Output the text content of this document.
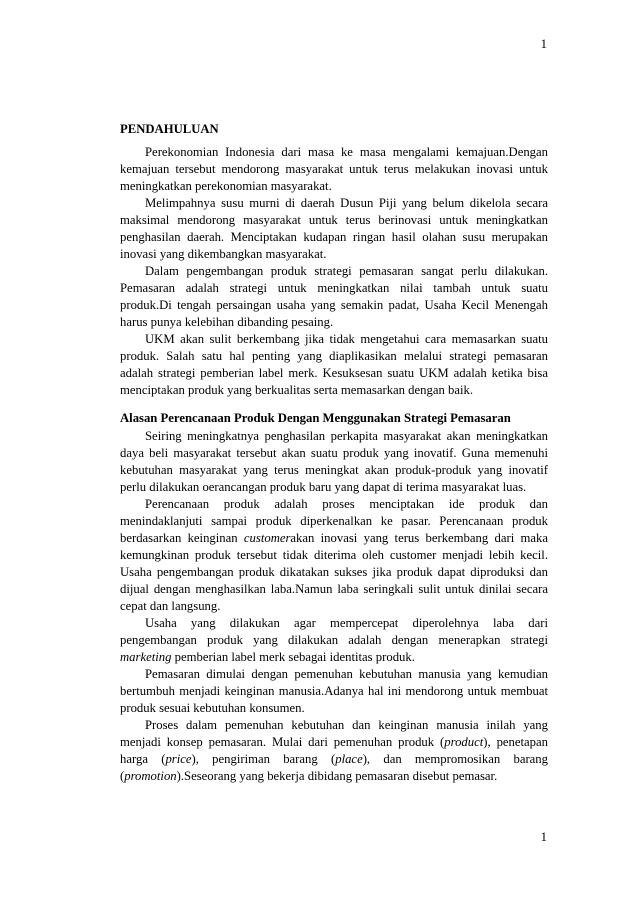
1
PENDAHULUAN
Perekonomian Indonesia dari masa ke masa mengalami kemajuan.Dengan
kemajuan tersebut mendorong masyarakat untuk terus melakukan inovasi untuk
meningkatkan perekonomian masyarakat.
Melimpahnya susu murni di daerah Dusun Piji yang belum dikelola secara
maksimal mendorong masyarakat untuk terus berinovasi untuk meningkatkan
penghasilan daerah. Menciptakan kudapan ringan hasil olahan susu merupakan
inovasi yang dikembangkan masyarakat.
Dalam pengembangan produk strategi pemasaran sangat perlu dilakukan.
Pemasaran adalah strategi untuk meningkatkan nilai tambah untuk suatu
produk.Di tengah persaingan usaha yang semakin padat, Usaha Kecil Menengah
harus punya kelebihan dibanding pesaing.
UKM akan sulit berkembang jika tidak mengetahui cara memasarkan suatu
produk. Salah satu hal penting yang diaplikasikan melalui strategi pemasaran
adalah strategi pemberian label merk. Kesuksesan suatu UKM adalah ketika bisa
menciptakan produk yang berkualitas serta memasarkan dengan baik.
Alasan Perencanaan Produk Dengan Menggunakan Strategi Pemasaran
Seiring meningkatnya penghasilan perkapita masyarakat akan meningkatkan
daya beli masyarakat tersebut akan suatu produk yang inovatif. Guna memenuhi
kebutuhan masyarakat yang terus meningkat akan produk-produk yang inovatif
perlu dilakukan oerancangan produk baru yang dapat di terima masyarakat luas.
Perencanaan produk adalah proses menciptakan ide produk dan
menindaklanjuti sampai produk diperkenalkan ke pasar. Perencanaan produk
berdasarkan keinginan customerakan inovasi yang terus berkembang dari maka
kemungkinan produk tersebut tidak diterima oleh customer menjadi lebih kecil.
Usaha pengembangan produk dikatakan sukses jika produk dapat diproduksi dan
dijual dengan menghasilkan laba.Namun laba seringkali sulit untuk dinilai secara
cepat dan langsung.
Usaha yang dilakukan agar mempercepat diperolehnya laba dari
pengembangan produk yang dilakukan adalah dengan menerapkan strategi
marketing pemberian label merk sebagai identitas produk.
Pemasaran dimulai dengan pemenuhan kebutuhan manusia yang kemudian
bertumbuh menjadi keinginan manusia.Adanya hal ini mendorong untuk membuat
produk sesuai kebutuhan konsumen.
Proses dalam pemenuhan kebutuhan dan keinginan manusia inilah yang
menjadi konsep pemasaran. Mulai dari pemenuhan produk (product), penetapan
harga (price), pengiriman barang (place), dan mempromosikan barang
(promotion).Seseorang yang bekerja dibidang pemasaran disebut pemasar.
1
